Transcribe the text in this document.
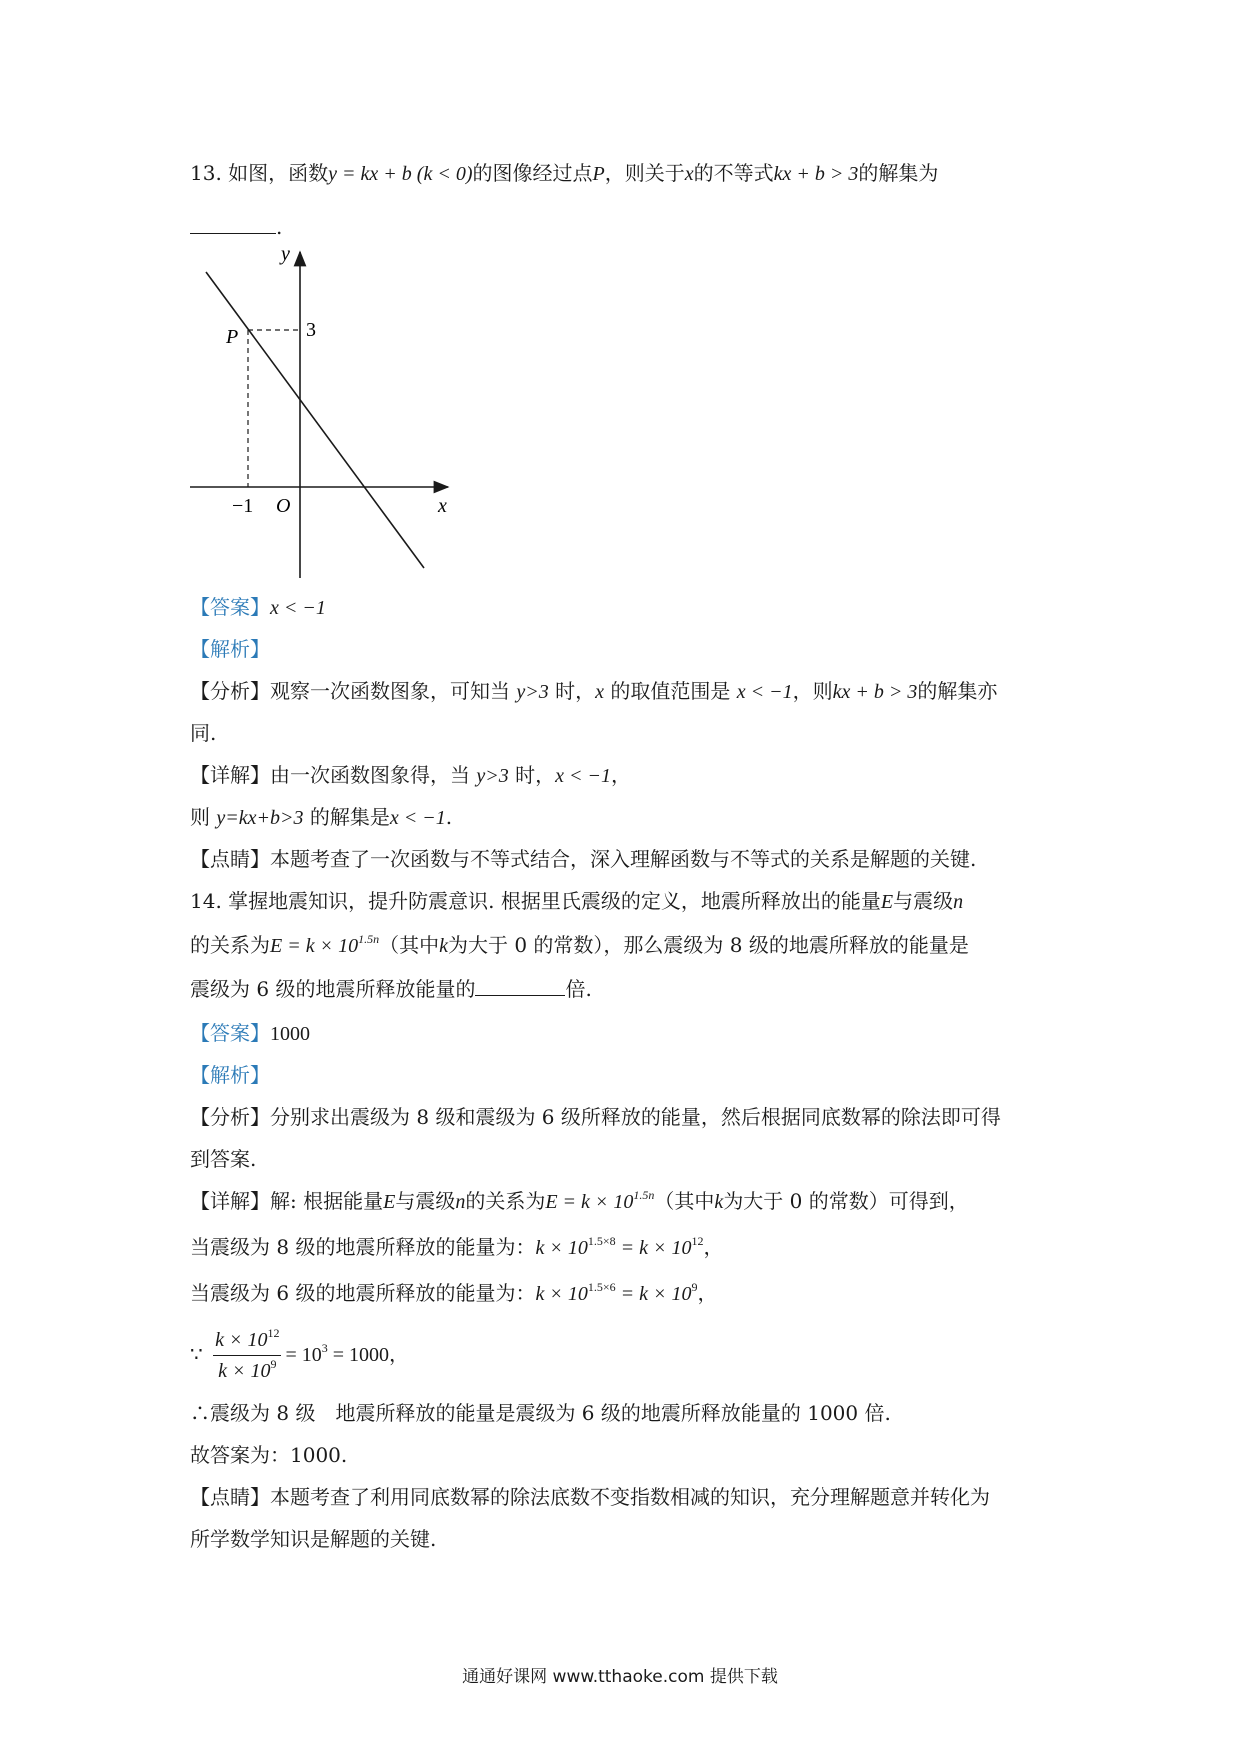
13. 如图，函数y = kx + b (k < 0)的图像经过点P，则关于x的不等式kx + b > 3的解集为
.
y
x
O
P	3
−1
【答案】x < −1
【解析】
【分析】观察一次函数图象，可知当 y>3 时，x 的取值范围是 x < −1，则kx + b > 3的解集亦
同.
【详解】由一次函数图象得，当 y>3 时，x < −1，
则 y=kx+b>3 的解集是x < −1.
【点睛】本题考查了一次函数与不等式结合，深入理解函数与不等式的关系是解题的关键.
14. 掌握地震知识，提升防震意识. 根据里氏震级的定义，地震所释放出的能量E与震级n
的关系为$E = k \times 10^{1.5n}$（其中k为大于 0 的常数），那么震级为 8 级的地震所释放的能量是
震级为 6 级的地震所释放能量的	倍.
【答案】1000
【解析】
【分析】分别求出震级为 8 级和震级为 6 级所释放的能量，然后根据同底数幂的除法即可得
到答案.
【详解】解: 根据能量E与震级n的关系为$E = k \times 10^{1.5n}$（其中k为大于 0 的常数）可得到，
当震级为 8 级的地震所释放的能量为：$k \times 10^{1.5\times 8} = k \times 10^{12}$，
当震级为 6 级的地震所释放的能量为：$k \times 10^{1.5\times 6} = k \times 10^9$，
∵ $\frac{k \times 10^{12}}{k \times 10^9} = 10^3 = 1000$，
∴震级为 8 级　地震所释放的能量是震级为 6 级的地震所释放能量的 1000 倍.
故答案为：1000.
【点睛】本题考查了利用同底数幂的除法底数不变指数相减的知识，充分理解题意并转化为
所学数学知识是解题的关键.
通通好课网 www.tthaoke.com 提供下载
